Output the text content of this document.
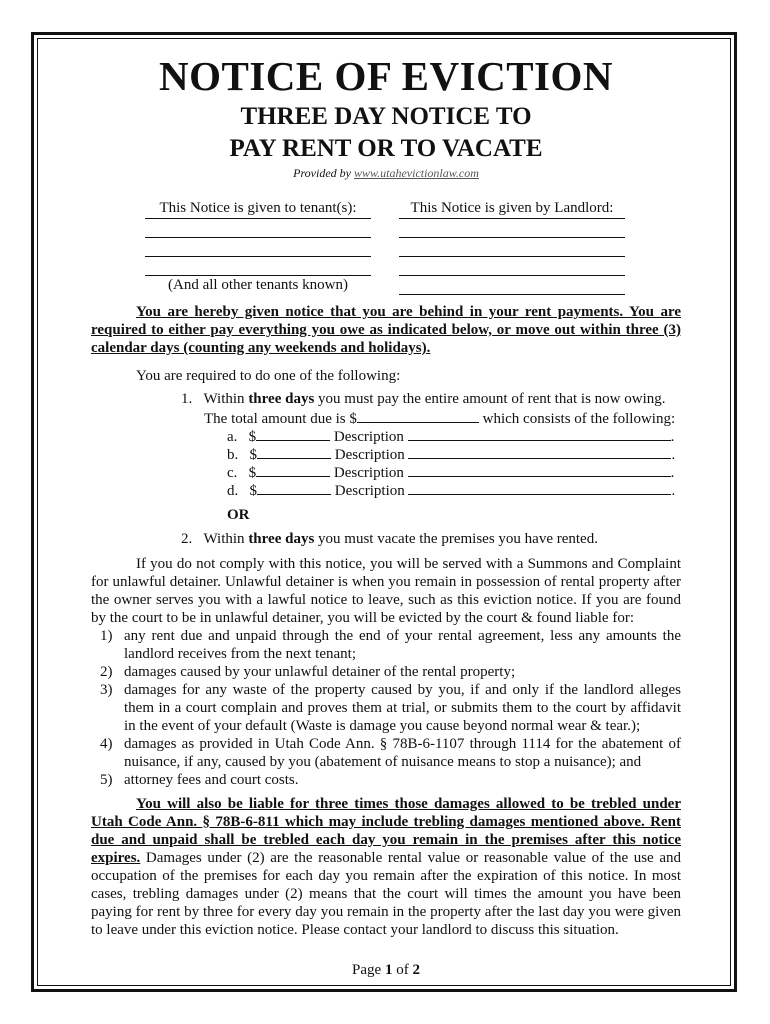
NOTICE OF EVICTION
THREE DAY NOTICE TO
PAY RENT OR TO VACATE
Provided by www.utahevictionlaw.com
This Notice is given to tenant(s):
(And all other tenants known)
This Notice is given by Landlord:

You are hereby given notice that you are behind in your rent payments. You are required to either pay everything you owe as indicated below, or move out within three (3) calendar days (counting any weekends and holidays).

You are required to do one of the following:
1. Within three days you must pay the entire amount of rent that is now owing.
The total amount due is $	which consists of the following:
a. $	Description	.
b. $	Description	.
c. $	Description	.
d. $	Description	.
OR
2. Within three days you must vacate the premises you have rented.

If you do not comply with this notice, you will be served with a Summons and Complaint for unlawful detainer. Unlawful detainer is when you remain in possession of rental property after the owner serves you with a lawful notice to leave, such as this eviction notice. If you are found by the court to be in unlawful detainer, you will be evicted by the court & found liable for:

1) any rent due and unpaid through the end of your rental agreement, less any amounts the landlord receives from the next tenant;
2) damages caused by your unlawful detainer of the rental property;
3) damages for any waste of the property caused by you, if and only if the landlord alleges them in a court complain and proves them at trial, or submits them to the court by affidavit in the event of your default (Waste is damage you cause beyond normal wear & tear.);
4) damages as provided in Utah Code Ann. § 78B-6-1107 through 1114 for the abatement of nuisance, if any, caused by you (abatement of nuisance means to stop a nuisance); and
5) attorney fees and court costs.

You will also be liable for three times those damages allowed to be trebled under Utah Code Ann. § 78B-6-811 which may include trebling damages mentioned above. Rent due and unpaid shall be trebled each day you remain in the premises after this notice expires. Damages under (2) are the reasonable rental value or reasonable value of the use and occupation of the premises for each day you remain after the expiration of this notice. In most cases, trebling damages under (2) means that the court will times the amount you have been paying for rent by three for every day you remain in the property after the last day you were given to leave under this eviction notice. Please contact your landlord to discuss this situation.

Page 1 of 2
